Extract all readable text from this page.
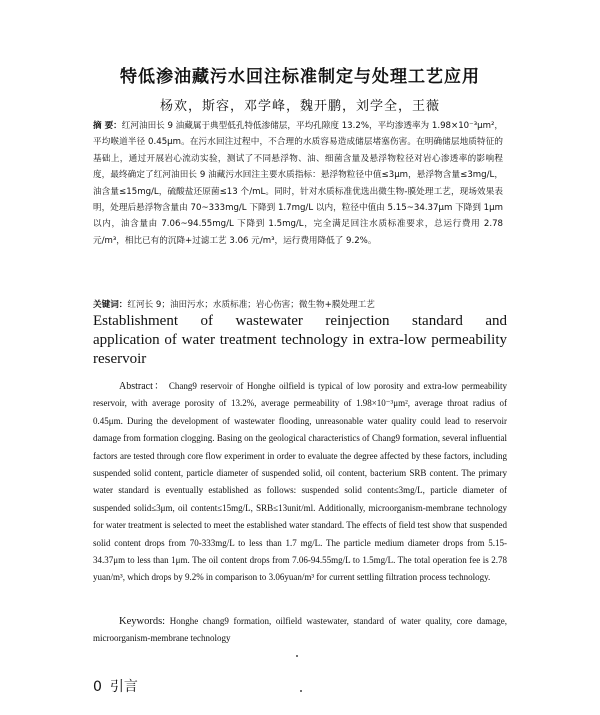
特低渗油藏污水回注标准制定与处理工艺应用
杨欢，斯容，邓学峰，魏开鹏，刘学全，王薇
摘 要：红河油田长 9 油藏属于典型低孔特低渗储层，平均孔隙度 13.2%，平均渗透率为 1.98×10⁻³μm²，平均喉道半径 0.45μm。在污水回注过程中，不合理的水质容易造成储层堵塞伤害。在明确储层地质特征的基础上，通过开展岩心流动实验，测试了不同悬浮物、油、细菌含量及悬浮物粒径对岩心渗透率的影响程度，最终确定了红河油田长 9 油藏污水回注主要水质指标：悬浮物粒径中值≤3μm，悬浮物含量≤3mg/L，油含量≤15mg/L，硫酸盐还原菌≤13 个/mL。同时，针对水质标准优选出微生物-膜处理工艺，现场效果表明，处理后悬浮物含量由 70~333mg/L 下降到 1.7mg/L 以内，粒径中值由 5.15~34.37μm 下降到 1μm 以内，油含量由 7.06~94.55mg/L 下降到 1.5mg/L，完全满足回注水质标准要求，总运行费用 2.78 元/m³，相比已有的沉降+过滤工艺 3.06 元/m³，运行费用降低了 9.2%。
关键词：红河长 9；油田污水；水质标准；岩心伤害；微生物+膜处理工艺
Establishment of wastewater reinjection standard and
application of water treatment technology in extra-low permeability reservoir
Abstract： Chang9 reservoir of Honghe oilfield is typical of low porosity and extra-low permeability reservoir, with average porosity of 13.2%, average permeability of 1.98×10⁻³μm², average throat radius of 0.45μm. During the development of wastewater flooding, unreasonable water quality could lead to reservoir damage from formation clogging. Basing on the geological characteristics of Chang9 formation, several influential factors are tested through core flow experiment in order to evaluate the degree affected by these factors, including suspended solid content, particle diameter of suspended solid, oil content, bacterium SRB content. The primary water standard is eventually established as follows: suspended solid content≤3mg/L, particle diameter of suspended solid≤3μm, oil content≤15mg/L, SRB≤13unit/ml. Additionally, microorganism-membrane technology for water treatment is selected to meet the established water standard. The effects of field test show that suspended solid content drops from 70-333mg/L to less than 1.7 mg/L. The particle medium diameter drops from 5.15-34.37μm to less than 1μm. The oil content drops from 7.06-94.55mg/L to 1.5mg/L. The total operation fee is 2.78 yuan/m³, which drops by 9.2% in comparison to 3.06yuan/m³ for current settling filtration process technology.
Keywords: Honghe chang9 formation, oilfield wastewater, standard of water quality, core damage, microorganism-membrane technology
0 引言
